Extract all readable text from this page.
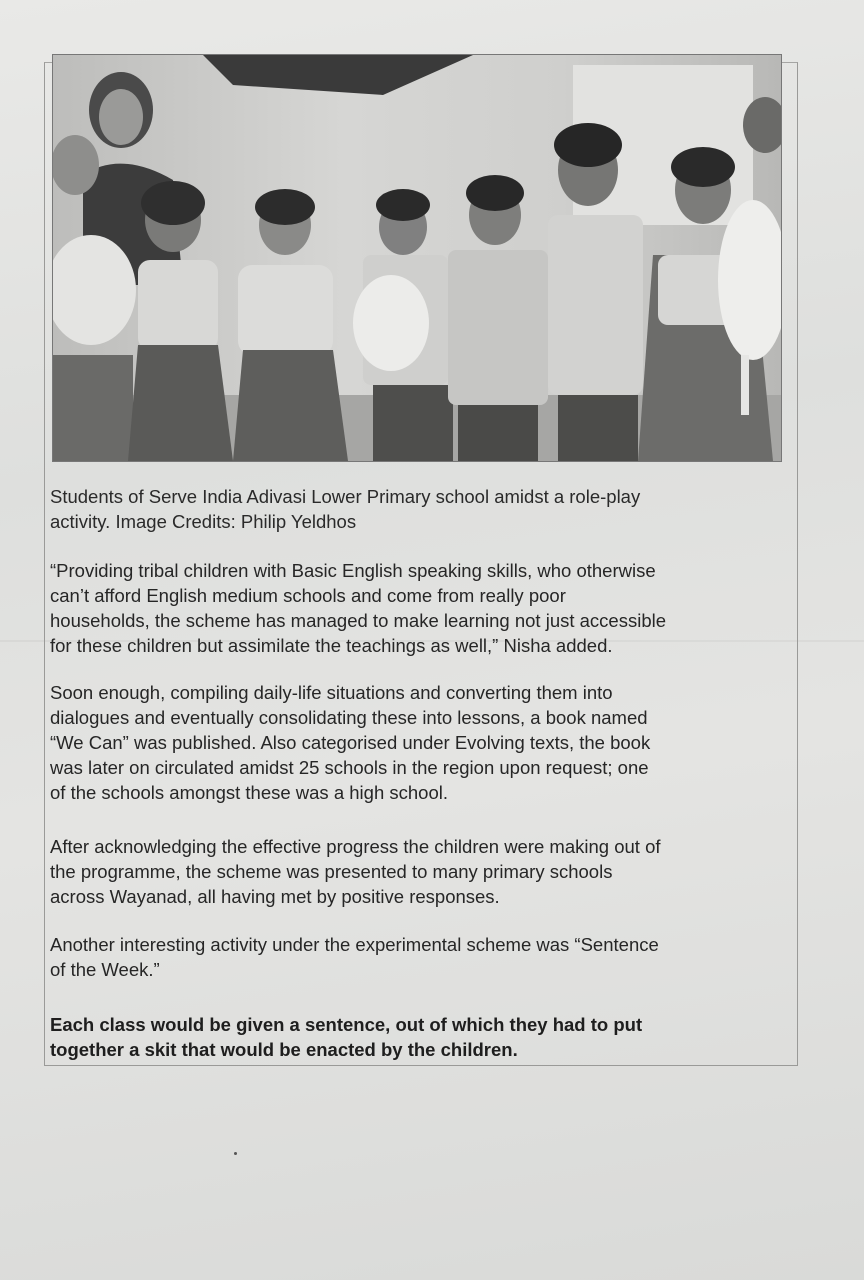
Students of Serve India Adivasi Lower Primary school amidst a role-play
activity. Image Credits: Philip Yeldhos

“Providing tribal children with Basic English speaking skills, who otherwise
can’t afford English medium schools and come from really poor
households, the scheme has managed to make learning not just accessible
for these children but assimilate the teachings as well,” Nisha added.

Soon enough, compiling daily-life situations and converting them into
dialogues and eventually consolidating these into lessons, a book named
“We Can” was published. Also categorised under Evolving texts, the book
was later on circulated amidst 25 schools in the region upon request; one
of the schools amongst these was a high school.

After acknowledging the effective progress the children were making out of
the programme, the scheme was presented to many primary schools
across Wayanad, all having met by positive responses.

Another interesting activity under the experimental scheme was “Sentence
of the Week.”

Each class would be given a sentence, out of which they had to put
together a skit that would be enacted by the children.
